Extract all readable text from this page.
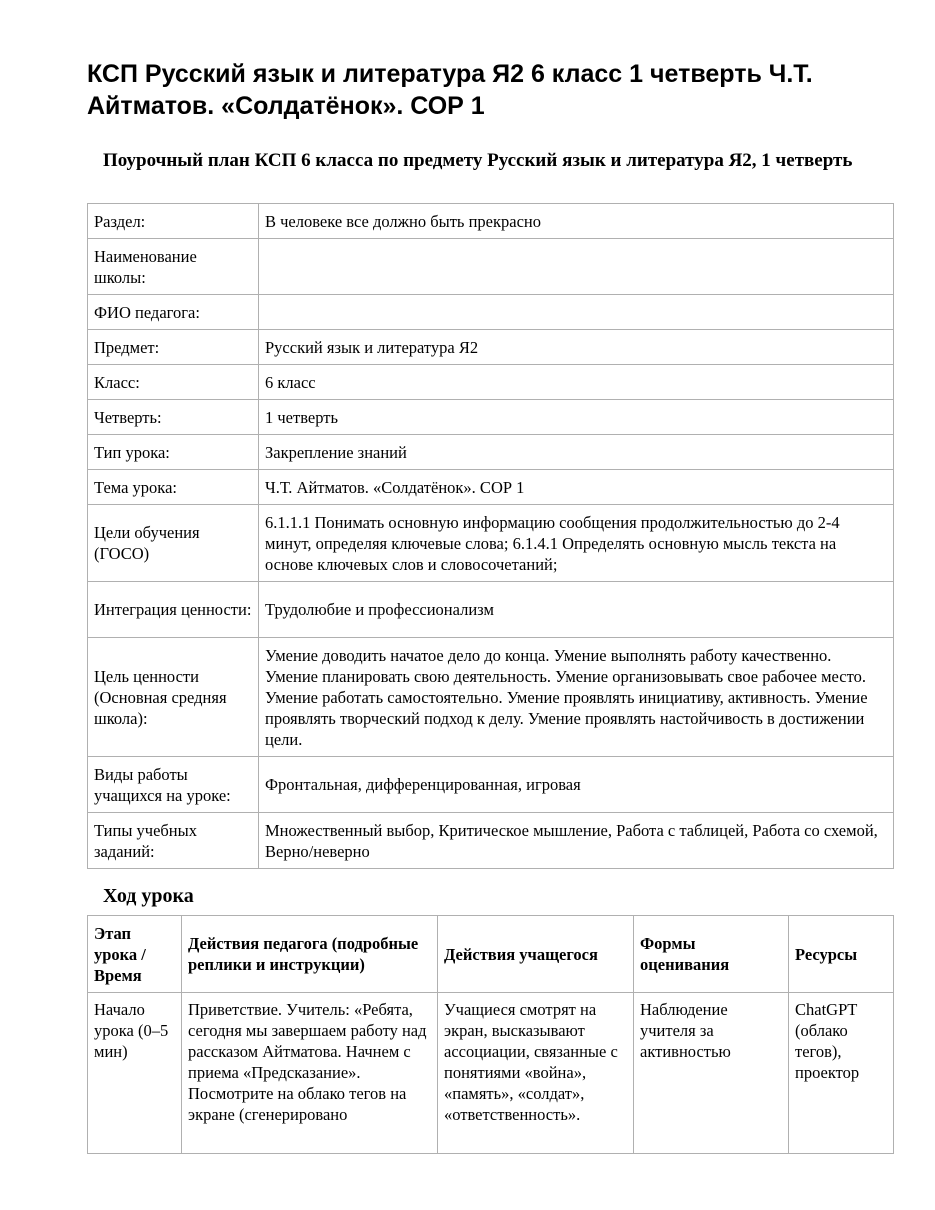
КСП Русский язык и литература Я2 6 класс 1 четверть Ч.Т. Айтматов. «Солдатёнок». СОР 1
Поурочный план КСП 6 класса по предмету Русский язык и литература Я2, 1 четверть
Раздел:	В человеке все должно быть прекрасно
Наименование школы:	
ФИО педагога:	
Предмет:	Русский язык и литература Я2
Класс:	6 класс
Четверть:	1 четверть
Тип урока:	Закрепление знаний
Тема урока:	Ч.Т. Айтматов. «Солдатёнок». СОР 1
Цели обучения (ГОСО)	6.1.1.1 Понимать основную информацию сообщения продолжительностью до 2-4 минут, определяя ключевые слова; 6.1.4.1 Определять основную мысль текста на основе ключевых слов и словосочетаний;
Интеграция ценности:	Трудолюбие и профессионализм
Цель ценности (Основная средняя школа):	Умение доводить начатое дело до конца. Умение выполнять работу качественно. Умение планировать свою деятельность. Умение организовывать свое рабочее место. Умение работать самостоятельно. Умение проявлять инициативу, активность. Умение проявлять творческий подход к делу. Умение проявлять настойчивость в достижении цели.
Виды работы учащихся на уроке:	Фронтальная, дифференцированная, игровая
Типы учебных заданий:	Множественный выбор, Критическое мышление, Работа с таблицей, Работа со схемой, Верно/неверно
Ход урока
Этап урока / Время	Действия педагога (подробные реплики и инструкции)	Действия учащегося	Формы оценивания	Ресурсы
Начало урока (0–5 мин)	Приветствие. Учитель: «Ребята, сегодня мы завершаем работу над рассказом Айтматова. Начнем с приема «Предсказание». Посмотрите на облако тегов на экране (сгенерировано	Учащиеся смотрят на экран, высказывают ассоциации, связанные с понятиями «война», «память», «солдат», «ответственность».	Наблюдение учителя за активностью	ChatGPT (облако тегов), проектор
